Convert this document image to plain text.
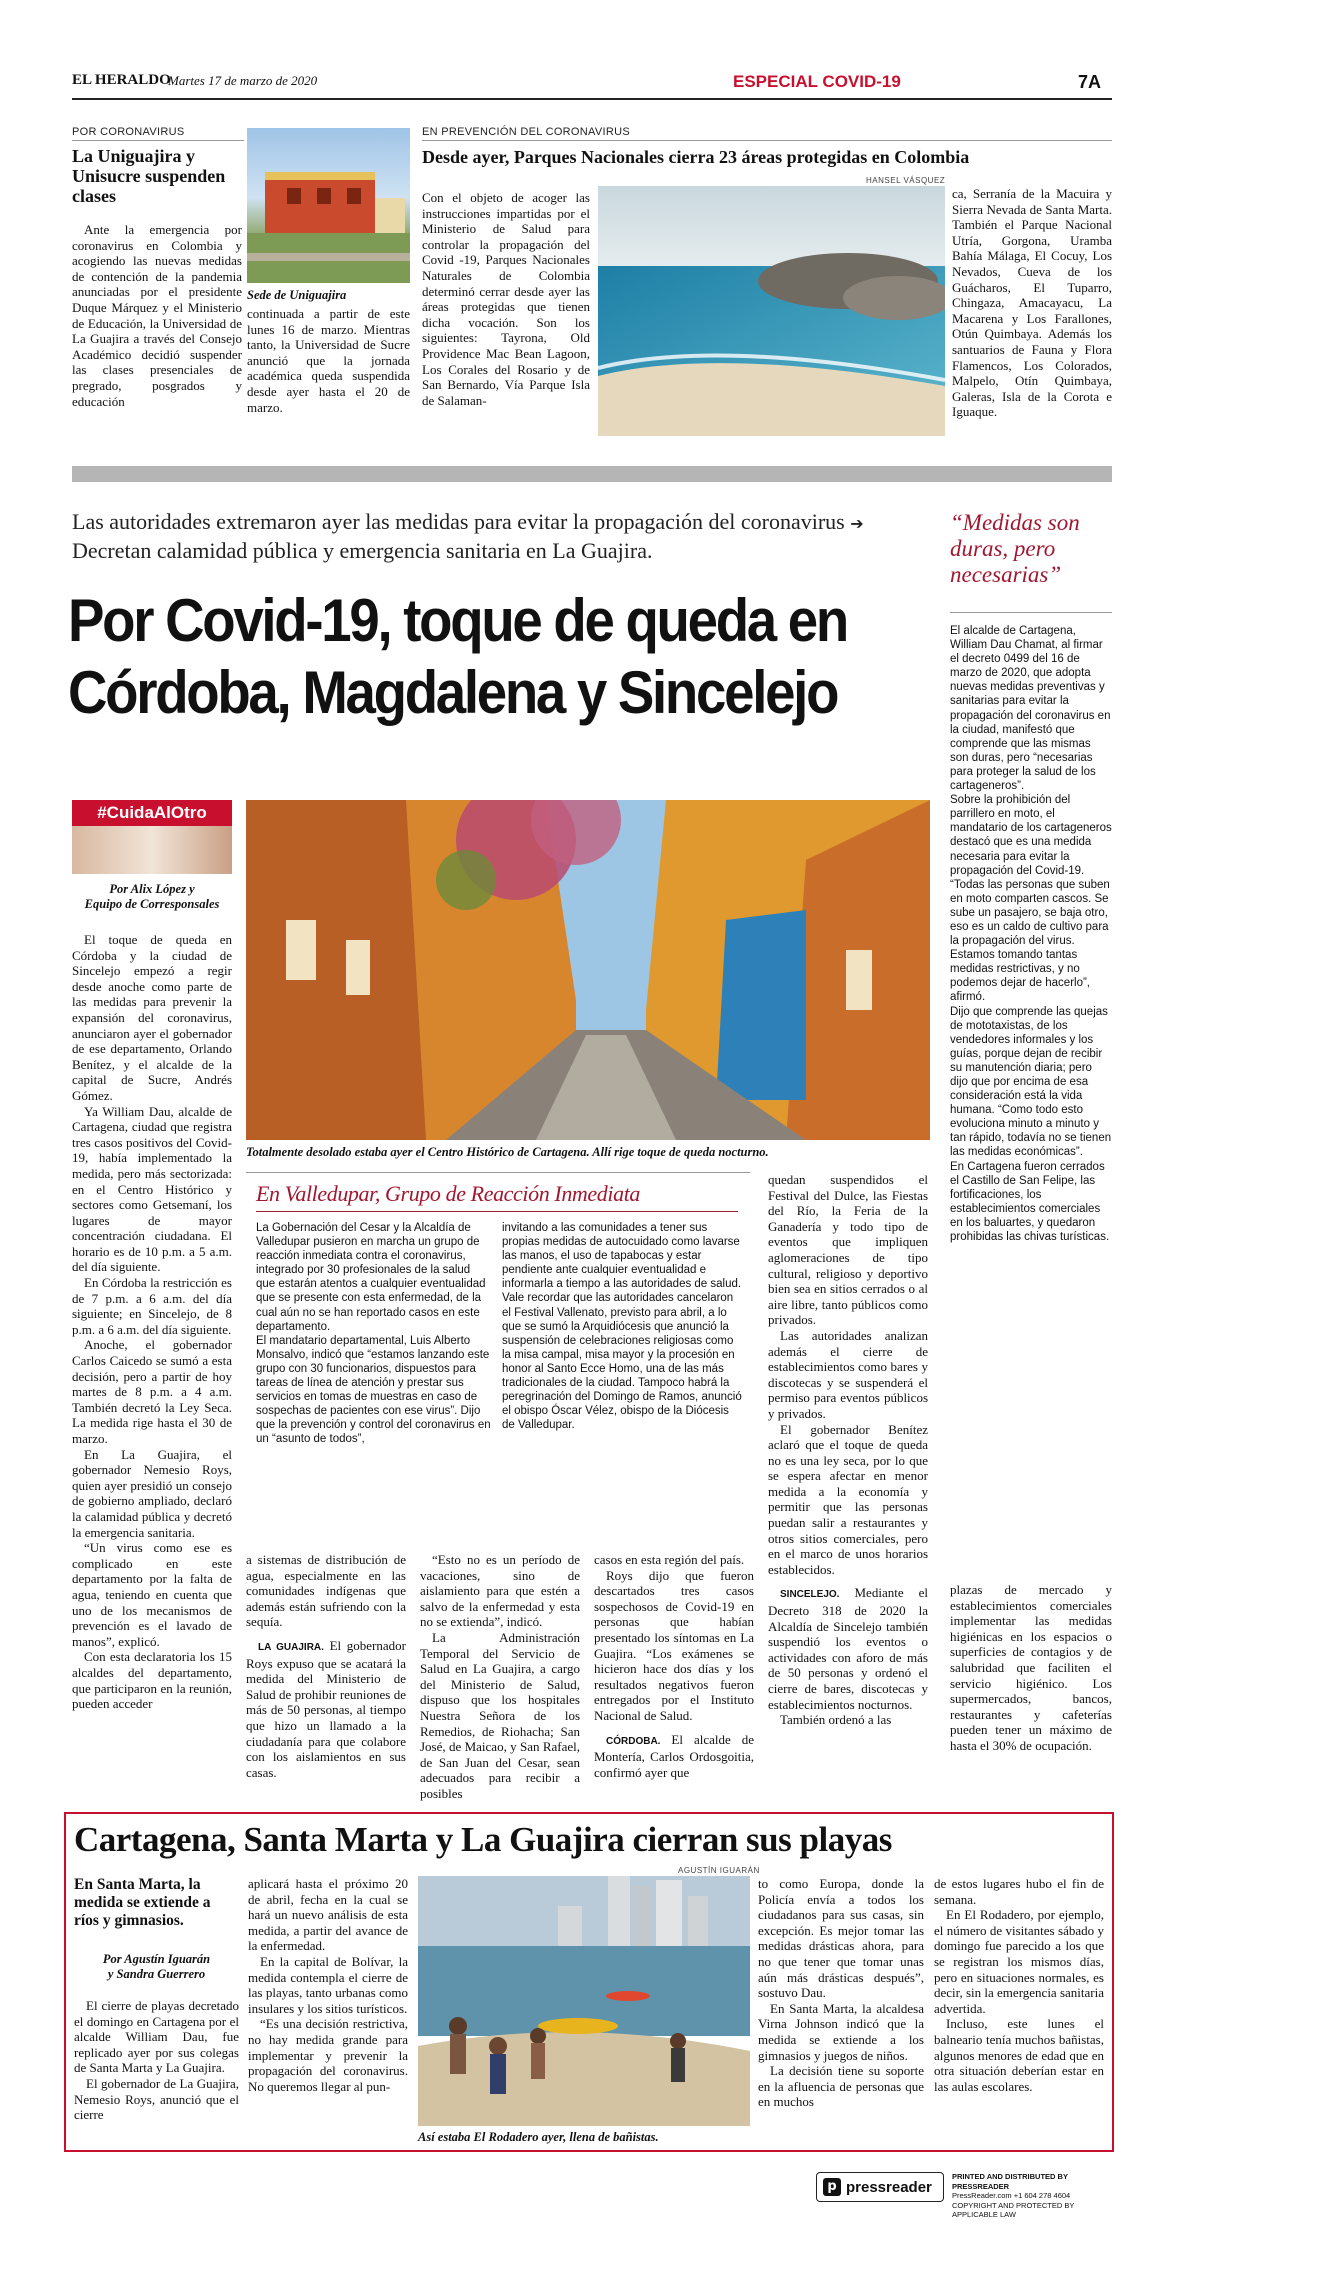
EL HERALDO
Martes 17 de marzo de 2020	ESPECIAL COVID-19	7A
POR CORONAVIRUS
La Uniguajira y Unisucre suspenden clases

Ante la emergencia por coronavirus en Colombia y acogiendo las nuevas medidas de contención de la pandemia anunciadas por el presidente Duque Márquez y el Ministerio de Educación, la Universidad de La Guajira a través del Consejo Académico decidió suspender las clases presenciales de pregrado, posgrados y educación

Sede de Uniguajira

continuada a partir de este lunes 16 de marzo. Mientras tanto, la Universidad de Sucre anunció que la jornada académica queda suspendida desde ayer hasta el 20 de marzo.

EN PREVENCIÓN DEL CORONAVIRUS
Desde ayer, Parques Nacionales cierra 23 áreas protegidas en Colombia
HANSEL VÁSQUEZ

Con el objeto de acoger las instrucciones impartidas por el Ministerio de Salud para controlar la propagación del Covid -19, Parques Nacionales Naturales de Colombia determinó cerrar desde ayer las áreas protegidas que tienen dicha vocación. Son los siguientes: Tayrona, Old Providence Mac Bean Lagoon, Los Corales del Rosario y de San Bernardo, Vía Parque Isla de Salaman-

ca, Serranía de la Macuira y Sierra Nevada de Santa Marta. También el Parque Nacional Utría, Gorgona, Uramba Bahía Málaga, El Cocuy, Los Nevados, Cueva de los Guácharos, El Tuparro, Chingaza, Amacayacu, La Macarena y Los Farallones, Otún Quimbaya. Además los santuarios de Fauna y Flora Flamencos, Los Colorados, Malpelo, Otín Quimbaya, Galeras, Isla de la Corota e Iguaque.

Las autoridades extremaron ayer las medidas para evitar la propagación del coronavirus ➔ Decretan calamidad pública y emergencia sanitaria en La Guajira.
Por Covid-19, toque de queda en Córdoba, Magdalena y Sincelejo
#CuidaAlOtro
Por Alix López y
Equipo de Corresponsales

El toque de queda en Córdoba y la ciudad de Sincelejo empezó a regir desde anoche como parte de las medidas para prevenir la expansión del coronavirus, anunciaron ayer el gobernador de ese departamento, Orlando Benítez, y el alcalde de la capital de Sucre, Andrés Gómez.

Ya William Dau, alcalde de Cartagena, ciudad que registra tres casos positivos del Covid-19, había implementado la medida, pero más sectorizada: en el Centro Histórico y sectores como Getsemaní, los lugares de mayor concentración ciudadana. El horario es de 10 p.m. a 5 a.m. del día siguiente.

En Córdoba la restricción es de 7 p.m. a 6 a.m. del día siguiente; en Sincelejo, de 8 p.m. a 6 a.m. del día siguiente.

Anoche, el gobernador Carlos Caicedo se sumó a esta decisión, pero a partir de hoy martes de 8 p.m. a 4 a.m. También decretó la Ley Seca. La medida rige hasta el 30 de marzo.

En La Guajira, el gobernador Nemesio Roys, quien ayer presidió un consejo de gobierno ampliado, declaró la calamidad pública y decretó la emergencia sanitaria.

“Un virus como ese es complicado en este departamento por la falta de agua, teniendo en cuenta que uno de los mecanismos de prevención es el lavado de manos”, explicó.

Con esta declaratoria los 15 alcaldes del departamento, que participaron en la reunión, pueden acceder

Totalmente desolado estaba ayer el Centro Histórico de Cartagena. Allí rige toque de queda nocturno.
En Valledupar, Grupo de Reacción Inmediata

La Gobernación del Cesar y la Alcaldía de Valledupar pusieron en marcha un grupo de reacción inmediata contra el coronavirus, integrado por 30 profesionales de la salud que estarán atentos a cualquier eventualidad que se presente con esta enfermedad, de la cual aún no se han reportado casos en este departamento.

El mandatario departamental, Luis Alberto Monsalvo, indicó que “estamos lanzando este grupo con 30 funcionarios, dispuestos para tareas de línea de atención y prestar sus servicios en tomas de muestras en caso de sospechas de pacientes con ese virus”. Dijo que la prevención y control del coronavirus en un “asunto de todos”,

invitando a las comunidades a tener sus propias medidas de autocuidado como lavarse las manos, el uso de tapabocas y estar pendiente ante cualquier eventualidad e informarla a tiempo a las autoridades de salud. Vale recordar que las autoridades cancelaron el Festival Vallenato, previsto para abril, a lo que se sumó la Arquidiócesis que anunció la suspensión de celebraciones religiosas como la misa campal, misa mayor y la procesión en honor al Santo Ecce Homo, una de las más tradicionales de la ciudad. Tampoco habrá la peregrinación del Domingo de Ramos, anunció el obispo Óscar Vélez, obispo de la Diócesis de Valledupar.

a sistemas de distribución de agua, especialmente en las comunidades indígenas que además están sufriendo con la sequía.

LA GUAJIRA. El gobernador Roys expuso que se acatará la medida del Ministerio de Salud de prohibir reuniones de más de 50 personas, al tiempo que hizo un llamado a la ciudadanía para que colabore con los aislamientos en sus casas.

“Esto no es un período de vacaciones, sino de aislamiento para que estén a salvo de la enfermedad y esta no se extienda”, indicó.

La Administración Temporal del Servicio de Salud en La Guajira, a cargo del Ministerio de Salud, dispuso que los hospitales Nuestra Señora de los Remedios, de Riohacha; San José, de Maicao, y San Rafael, de San Juan del Cesar, sean adecuados para recibir a posibles

casos en esta región del país.

Roys dijo que fueron descartados tres casos sospechosos de Covid-19 en personas que habían presentado los síntomas en La Guajira. “Los exámenes se hicieron hace dos días y los resultados negativos fueron entregados por el Instituto Nacional de Salud.

CÓRDOBA. El alcalde de Montería, Carlos Ordosgoitia, confirmó ayer que

quedan suspendidos el Festival del Dulce, las Fiestas del Río, la Feria de la Ganadería y todo tipo de eventos que impliquen aglomeraciones de tipo cultural, religioso y deportivo bien sea en sitios cerrados o al aire libre, tanto públicos como privados.

Las autoridades analizan además el cierre de establecimientos como bares y discotecas y se suspenderá el permiso para eventos públicos y privados.

El gobernador Benítez aclaró que el toque de queda no es una ley seca, por lo que se espera afectar en menor medida a la economía y permitir que las personas puedan salir a restaurantes y otros sitios comerciales, pero en el marco de unos horarios establecidos.

SINCELEJO. Mediante el Decreto 318 de 2020 la Alcaldía de Sincelejo también suspendió los eventos o actividades con aforo de más de 50 personas y ordenó el cierre de bares, discotecas y establecimientos nocturnos.

También ordenó a las

“Medidas son duras, pero necesarias”

El alcalde de Cartagena, William Dau Chamat, al firmar el decreto 0499 del 16 de marzo de 2020, que adopta nuevas medidas preventivas y sanitarias para evitar la propagación del coronavirus en la ciudad, manifestó que comprende que las mismas son duras, pero “necesarias para proteger la salud de los cartageneros”.

Sobre la prohibición del parrillero en moto, el mandatario de los cartageneros destacó que es una medida necesaria para evitar la propagación del Covid-19. “Todas las personas que suben en moto comparten cascos. Se sube un pasajero, se baja otro, eso es un caldo de cultivo para la propagación del virus. Estamos tomando tantas medidas restrictivas, y no podemos dejar de hacerlo”, afirmó.

Dijo que comprende las quejas de mototaxistas, de los vendedores informales y los guías, porque dejan de recibir su manutención diaria; pero dijo que por encima de esa consideración está la vida humana. “Como todo esto evoluciona minuto a minuto y tan rápido, todavía no se tienen las medidas económicas”.

En Cartagena fueron cerrados el Castillo de San Felipe, las fortificaciones, los establecimientos comerciales en los baluartes, y quedaron prohibidas las chivas turísticas.

plazas de mercado y establecimientos comerciales implementar las medidas higiénicas en los espacios o superficies de contagios y de salubridad que faciliten el servicio higiénico. Los supermercados, bancos, restaurantes y cafeterías pueden tener un máximo de hasta el 30% de ocupación.

Cartagena, Santa Marta y La Guajira cierran sus playas
AGUSTÍN IGUARÁN
En Santa Marta, la medida se extiende a ríos y gimnasios.
Por Agustín Iguarán
y Sandra Guerrero

El cierre de playas decretado el domingo en Cartagena por el alcalde William Dau, fue replicado ayer por sus colegas de Santa Marta y La Guajira.

El gobernador de La Guajira, Nemesio Roys, anunció que el cierre

aplicará hasta el próximo 20 de abril, fecha en la cual se hará un nuevo análisis de esta medida, a partir del avance de la enfermedad.

En la capital de Bolívar, la medida contempla el cierre de las playas, tanto urbanas como insulares y los sitios turísticos.

“Es una decisión restrictiva, no hay medida grande para implementar y prevenir la propagación del coronavirus. No queremos llegar al pun-

Así estaba El Rodadero ayer, llena de bañistas.

to como Europa, donde la Policía envía a todos los ciudadanos para sus casas, sin excepción. Es mejor tomar las medidas drásticas ahora, para no que tener que tomar unas aún más drásticas después”, sostuvo Dau.

En Santa Marta, la alcaldesa Virna Johnson indicó que la medida se extiende a los gimnasios y juegos de niños.

La decisión tiene su soporte en la afluencia de personas que en muchos

de estos lugares hubo el fin de semana.

En El Rodadero, por ejemplo, el número de visitantes sábado y domingo fue parecido a los que se registran los mismos días, pero en situaciones normales, es decir, sin la emergencia sanitaria advertida.

Incluso, este lunes el balneario tenía muchos bañistas, algunos menores de edad que en otra situación deberían estar en las aulas escolares.

p pressreader
PRINTED AND DISTRIBUTED BY PRESSREADER
PressReader.com +1 604 278 4604
COPYRIGHT AND PROTECTED BY APPLICABLE LAW
